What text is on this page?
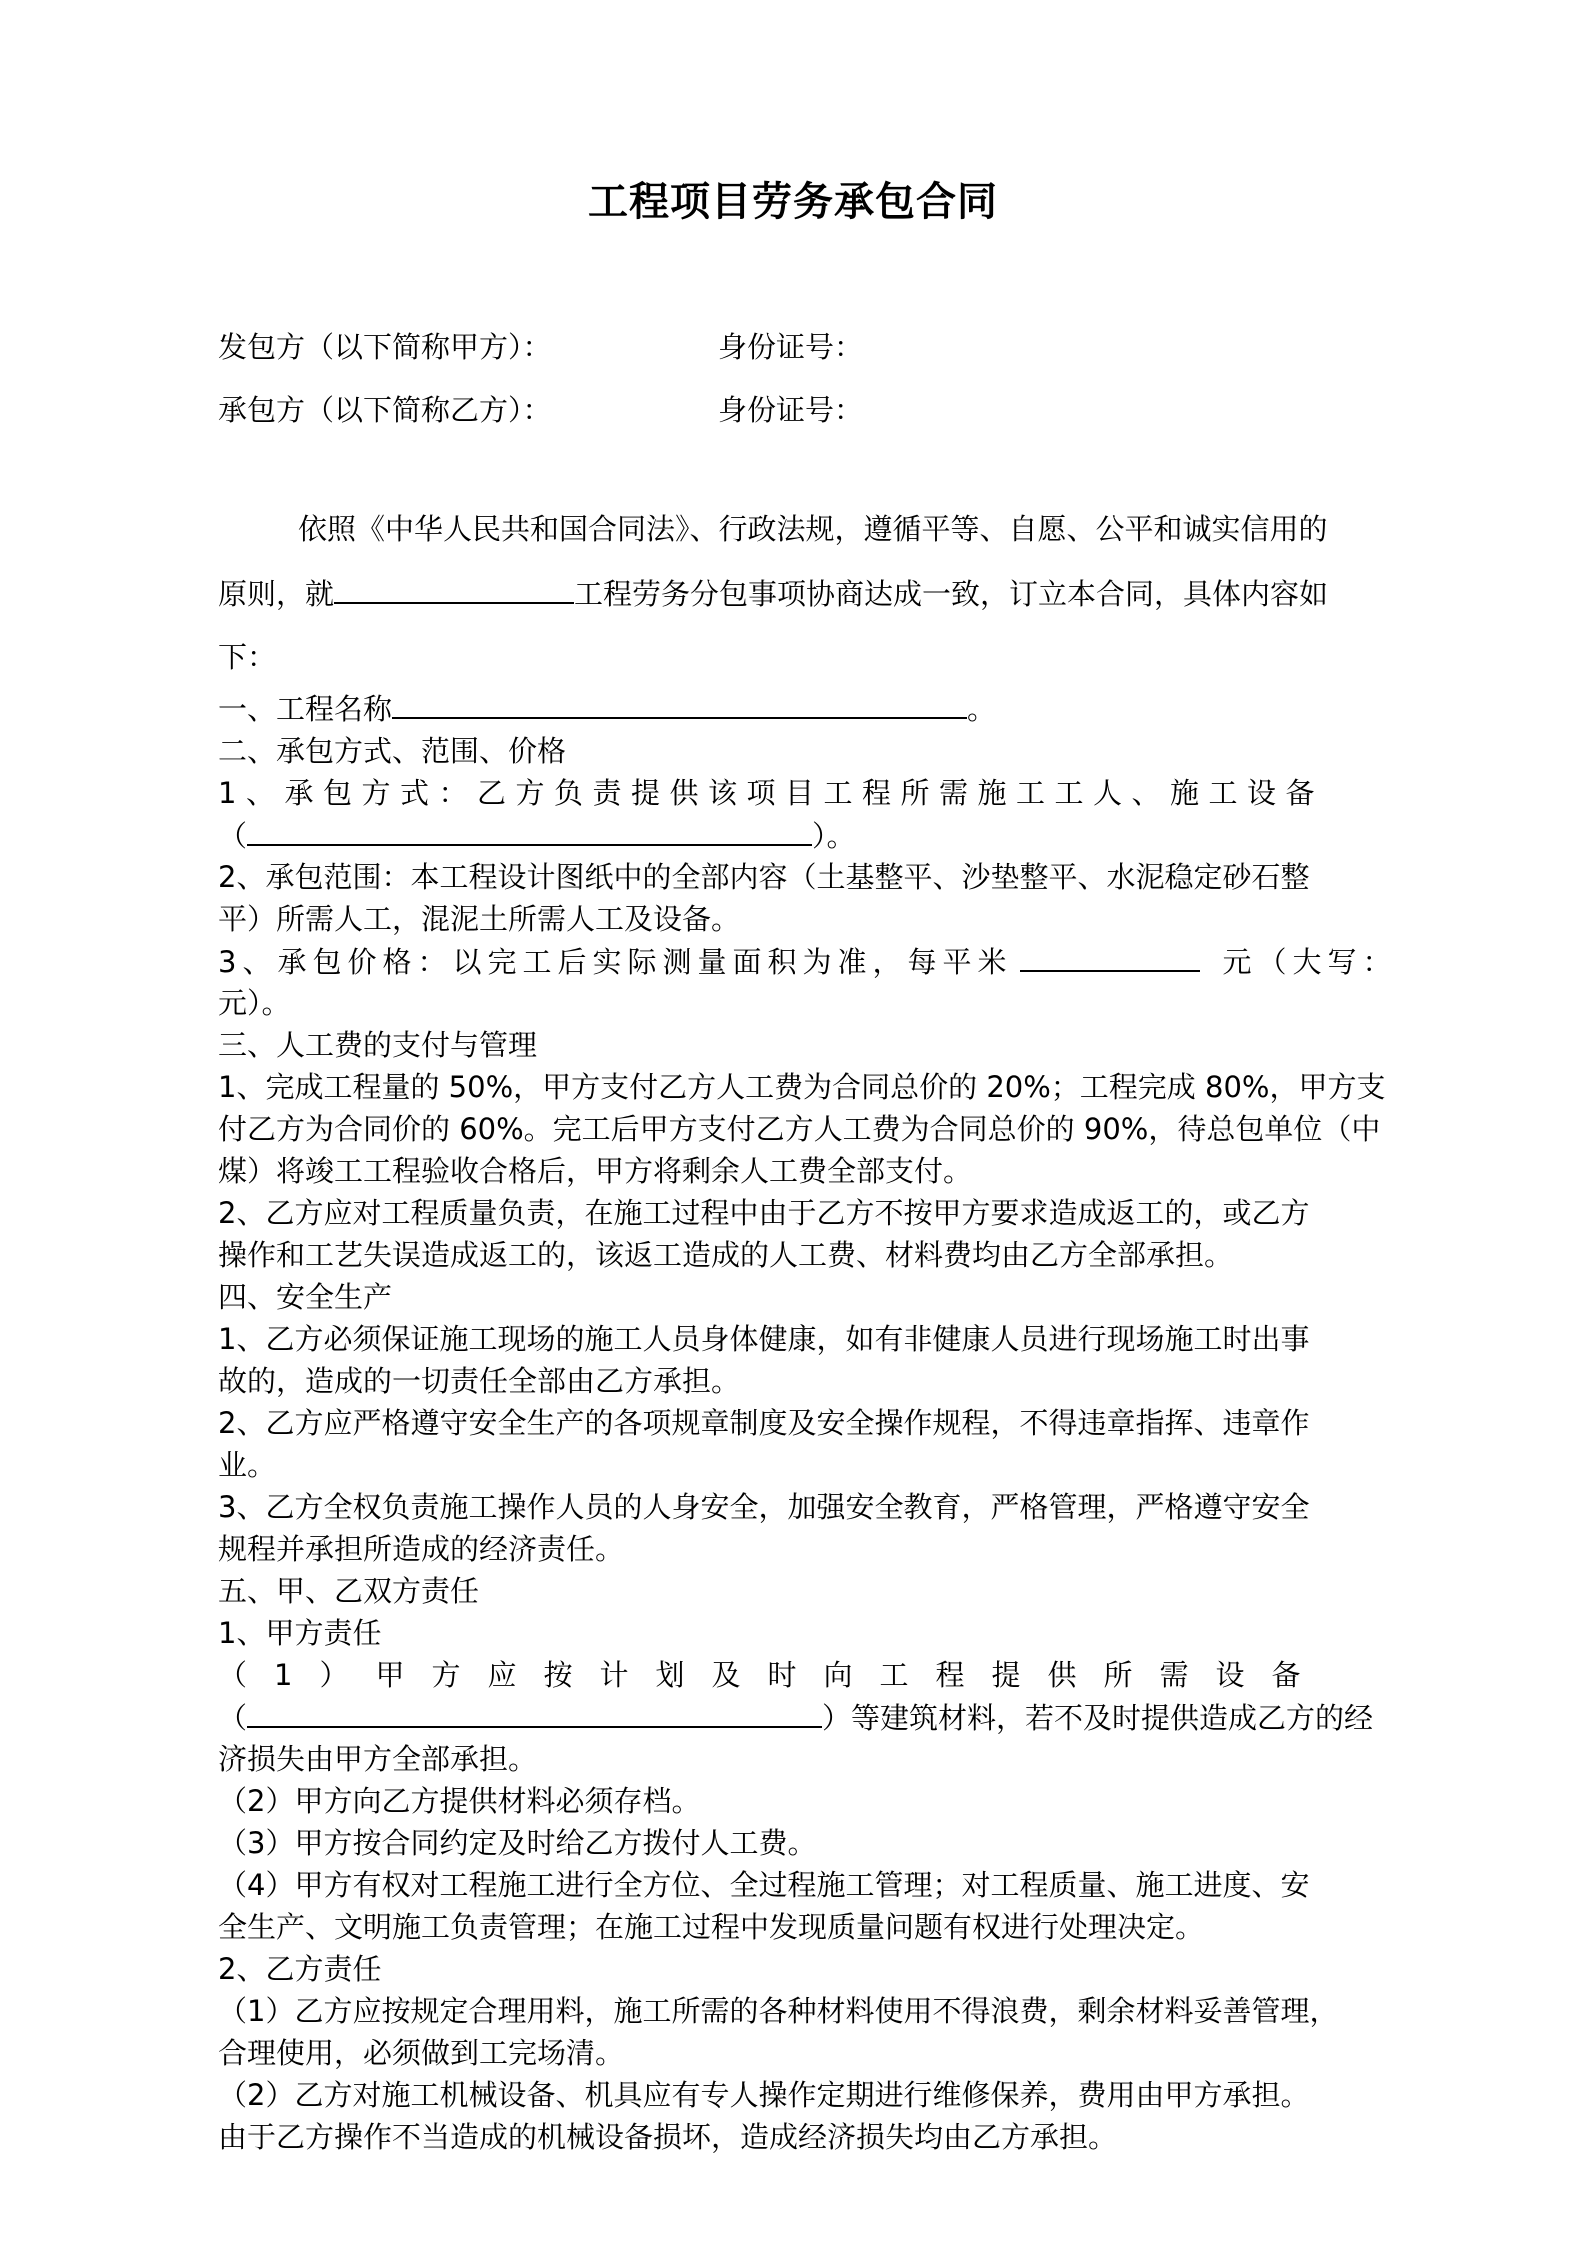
工程项目劳务承包合同
发包方（以下简称甲方）：	身份证号：
承包方（以下简称乙方）：	身份证号：
依照《中华人民共和国合同法》、行政法规，遵循平等、自愿、公平和诚实信用的
原则，就	工程劳务分包事项协商达成一致，订立本合同，具体内容如
下：
一、工程名称	。
二、承包方式、范围、价格
1、承包方式：乙方负责提供该项目工程所需施工工人、施工设备
（	）。
2、承包范围：本工程设计图纸中的全部内容（土基整平、沙垫整平、水泥稳定砂石整
平）所需人工，混泥土所需人工及设备。
3、承包价格：以完工后实际测量面积为准，每平米	元（大写：
元）。
三、人工费的支付与管理
1、完成工程量的 50%，甲方支付乙方人工费为合同总价的 20%；工程完成 80%，甲方支
付乙方为合同价的 60%。完工后甲方支付乙方人工费为合同总价的 90%，待总包单位（中
煤）将竣工工程验收合格后，甲方将剩余人工费全部支付。
2、乙方应对工程质量负责，在施工过程中由于乙方不按甲方要求造成返工的，或乙方
操作和工艺失误造成返工的，该返工造成的人工费、材料费均由乙方全部承担。
四、安全生产
1、乙方必须保证施工现场的施工人员身体健康，如有非健康人员进行现场施工时出事
故的，造成的一切责任全部由乙方承担。
2、乙方应严格遵守安全生产的各项规章制度及安全操作规程，不得违章指挥、违章作
业。
3、乙方全权负责施工操作人员的人身安全，加强安全教育，严格管理，严格遵守安全
规程并承担所造成的经济责任。
五、甲、乙双方责任
1、甲方责任
（1）甲方应按计划及时向工程提供所需设备
（	）等建筑材料，若不及时提供造成乙方的经
济损失由甲方全部承担。
（2）甲方向乙方提供材料必须存档。
（3）甲方按合同约定及时给乙方拨付人工费。
（4）甲方有权对工程施工进行全方位、全过程施工管理；对工程质量、施工进度、安
全生产、文明施工负责管理；在施工过程中发现质量问题有权进行处理决定。
2、乙方责任
（1）乙方应按规定合理用料，施工所需的各种材料使用不得浪费，剩余材料妥善管理，
合理使用，必须做到工完场清。
（2）乙方对施工机械设备、机具应有专人操作定期进行维修保养，费用由甲方承担。
由于乙方操作不当造成的机械设备损坏，造成经济损失均由乙方承担。
